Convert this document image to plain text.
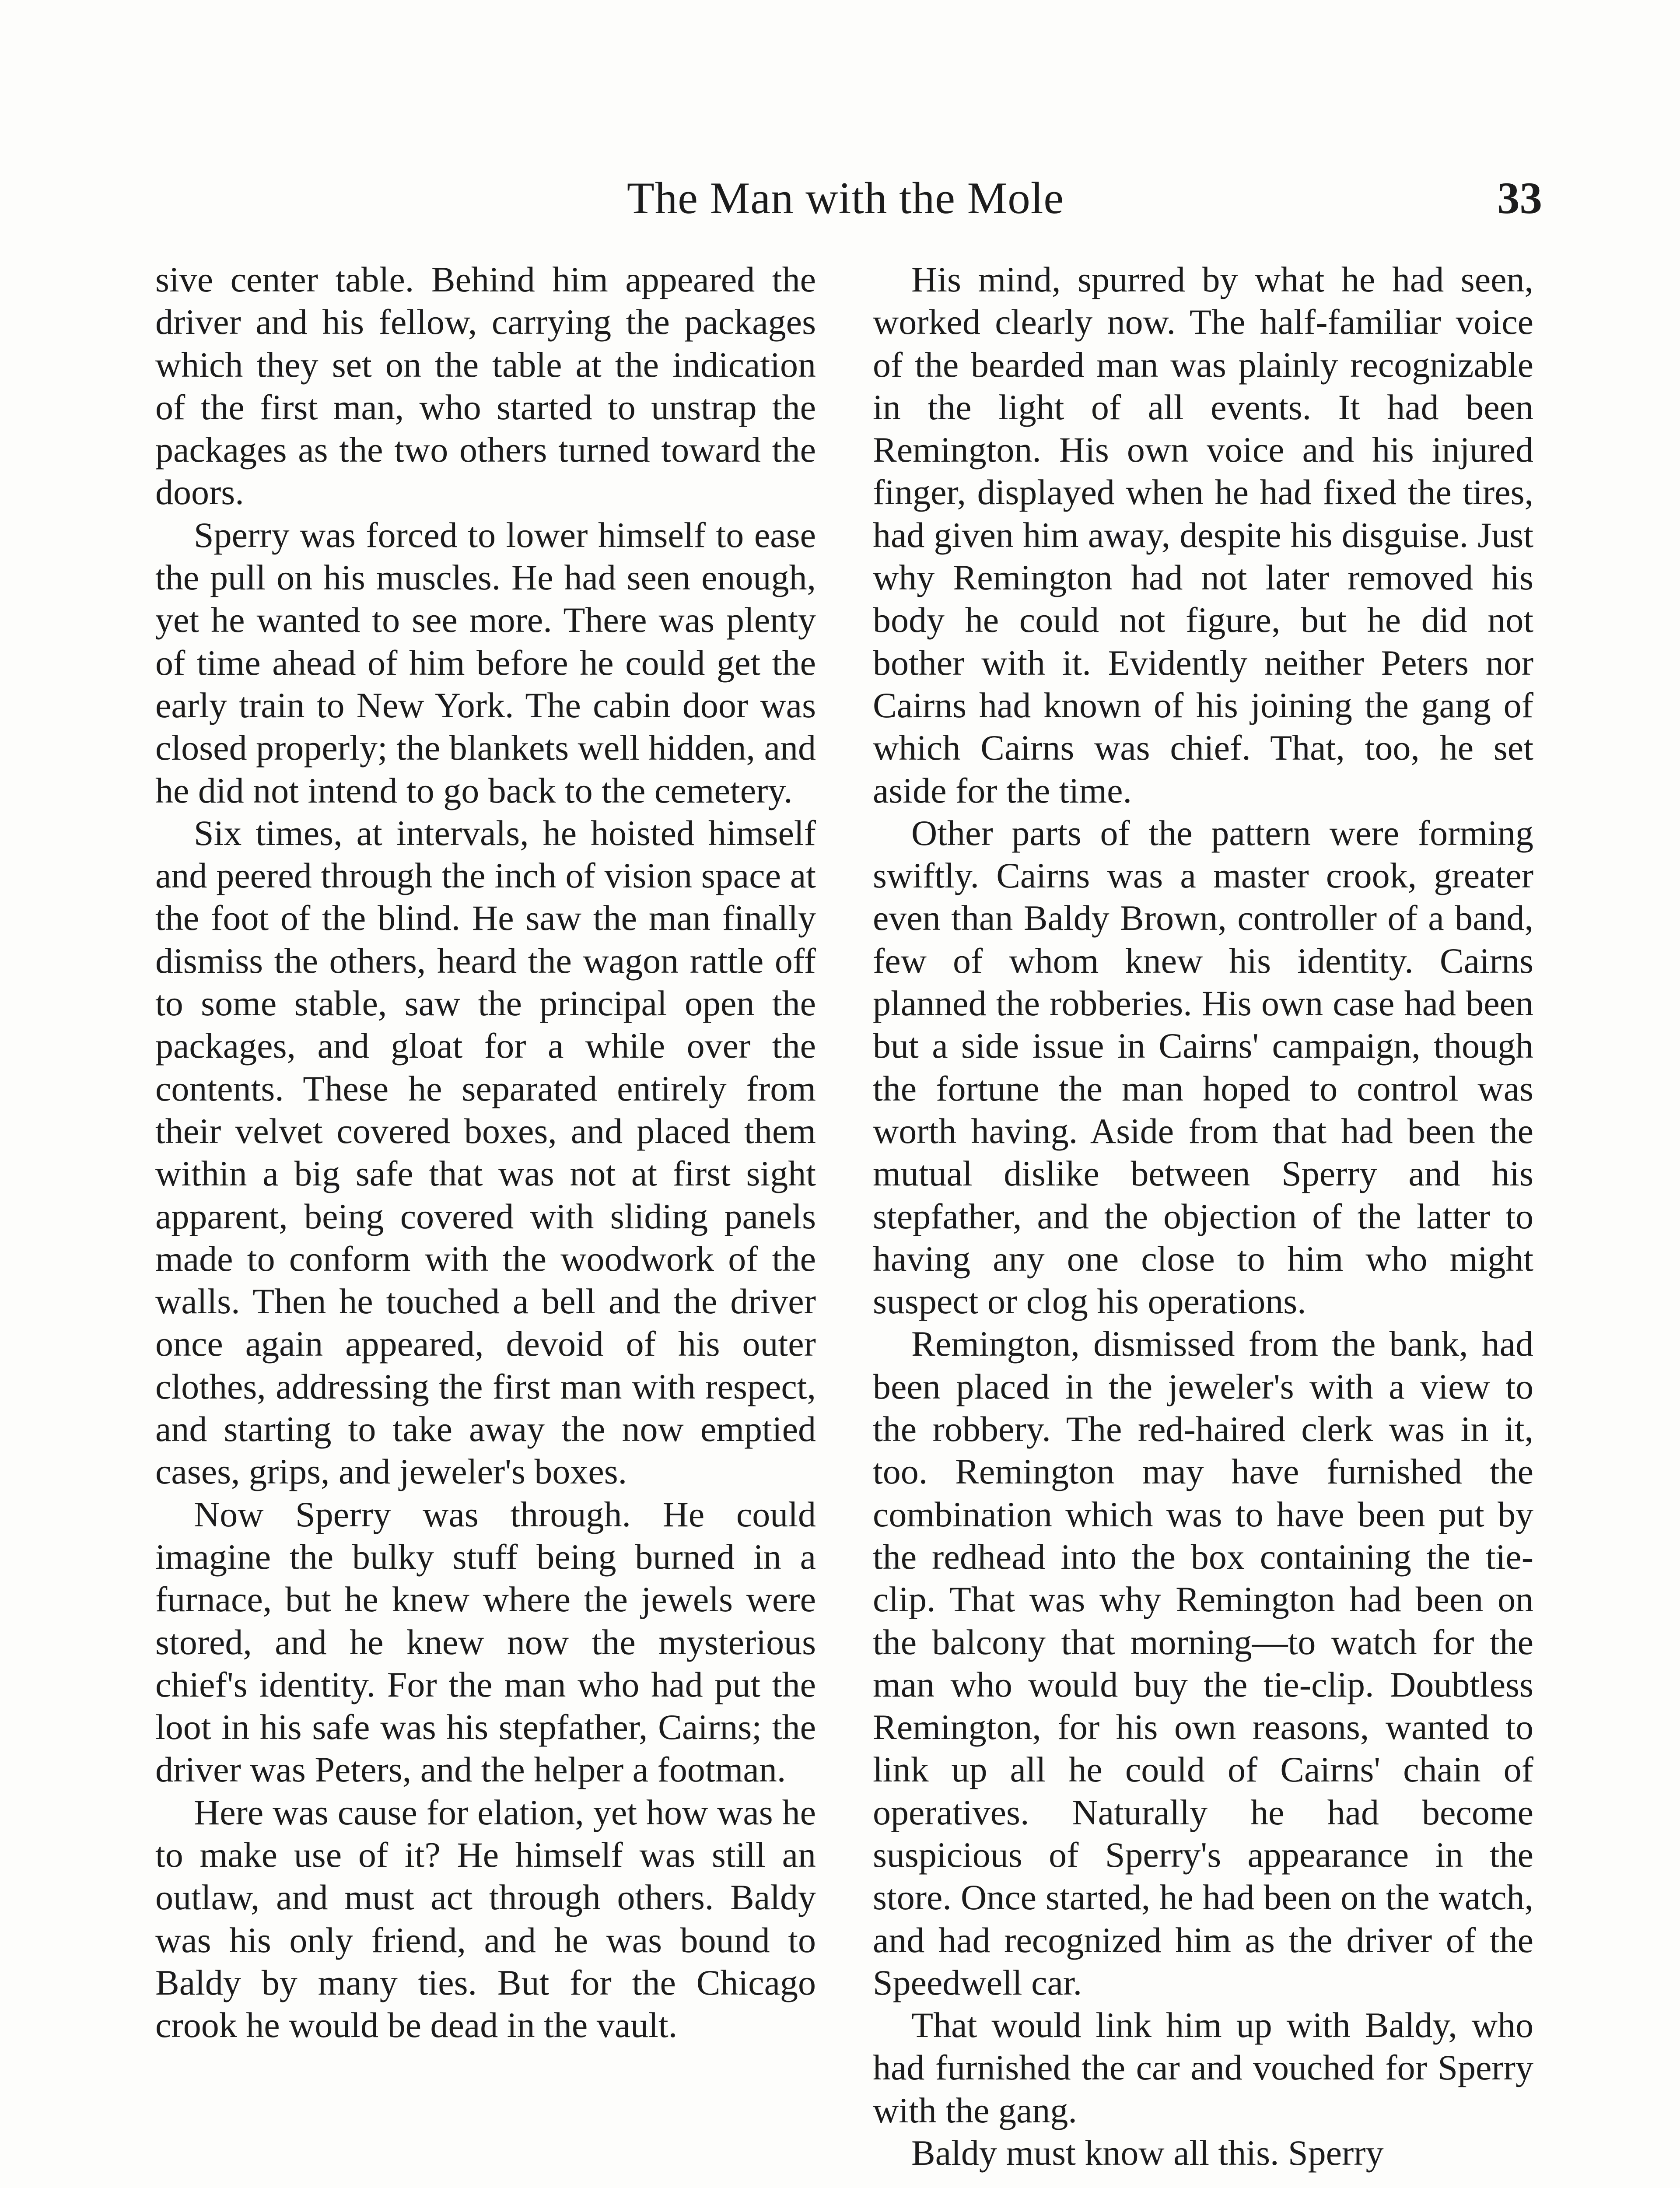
The Man with the Mole	33

sive center table. Behind him appeared the driver and his fellow, carrying the packages which they set on the table at the indication of the first man, who started to unstrap the packages as the two others turned toward the doors.

Sperry was forced to lower himself to ease the pull on his muscles. He had seen enough, yet he wanted to see more. There was plenty of time ahead of him before he could get the early train to New York. The cabin door was closed properly; the blankets well hidden, and he did not intend to go back to the cemetery.

Six times, at intervals, he hoisted himself and peered through the inch of vision space at the foot of the blind. He saw the man finally dismiss the others, heard the wagon rattle off to some stable, saw the principal open the packages, and gloat for a while over the contents. These he separated entirely from their velvet covered boxes, and placed them within a big safe that was not at first sight apparent, being covered with sliding panels made to conform with the woodwork of the walls. Then he touched a bell and the driver once again appeared, devoid of his outer clothes, addressing the first man with respect, and starting to take away the now emptied cases, grips, and jeweler's boxes.

Now Sperry was through. He could imagine the bulky stuff being burned in a furnace, but he knew where the jewels were stored, and he knew now the mysterious chief's identity. For the man who had put the loot in his safe was his stepfather, Cairns; the driver was Peters, and the helper a footman.

Here was cause for elation, yet how was he to make use of it? He himself was still an outlaw, and must act through others. Baldy was his only friend, and he was bound to Baldy by many ties. But for the Chicago crook he would be dead in the vault.

His mind, spurred by what he had seen, worked clearly now. The half-familiar voice of the bearded man was plainly recognizable in the light of all events. It had been Remington. His own voice and his injured finger, displayed when he had fixed the tires, had given him away, despite his disguise. Just why Remington had not later removed his body he could not figure, but he did not bother with it. Evidently neither Peters nor Cairns had known of his joining the gang of which Cairns was chief. That, too, he set aside for the time.

Other parts of the pattern were forming swiftly. Cairns was a master crook, greater even than Baldy Brown, controller of a band, few of whom knew his identity. Cairns planned the robberies. His own case had been but a side issue in Cairns' campaign, though the fortune the man hoped to control was worth having. Aside from that had been the mutual dislike between Sperry and his stepfather, and the objection of the latter to having any one close to him who might suspect or clog his operations.

Remington, dismissed from the bank, had been placed in the jeweler's with a view to the robbery. The red-haired clerk was in it, too. Remington may have furnished the combination which was to have been put by the redhead into the box containing the tie-clip. That was why Remington had been on the balcony that morning—to watch for the man who would buy the tie-clip. Doubtless Remington, for his own reasons, wanted to link up all he could of Cairns' chain of operatives. Naturally he had become suspicious of Sperry's appearance in the store. Once started, he had been on the watch, and had recognized him as the driver of the Speedwell car.

That would link him up with Baldy, who had furnished the car and vouched for Sperry with the gang.

Baldy must know all this. Sperry
